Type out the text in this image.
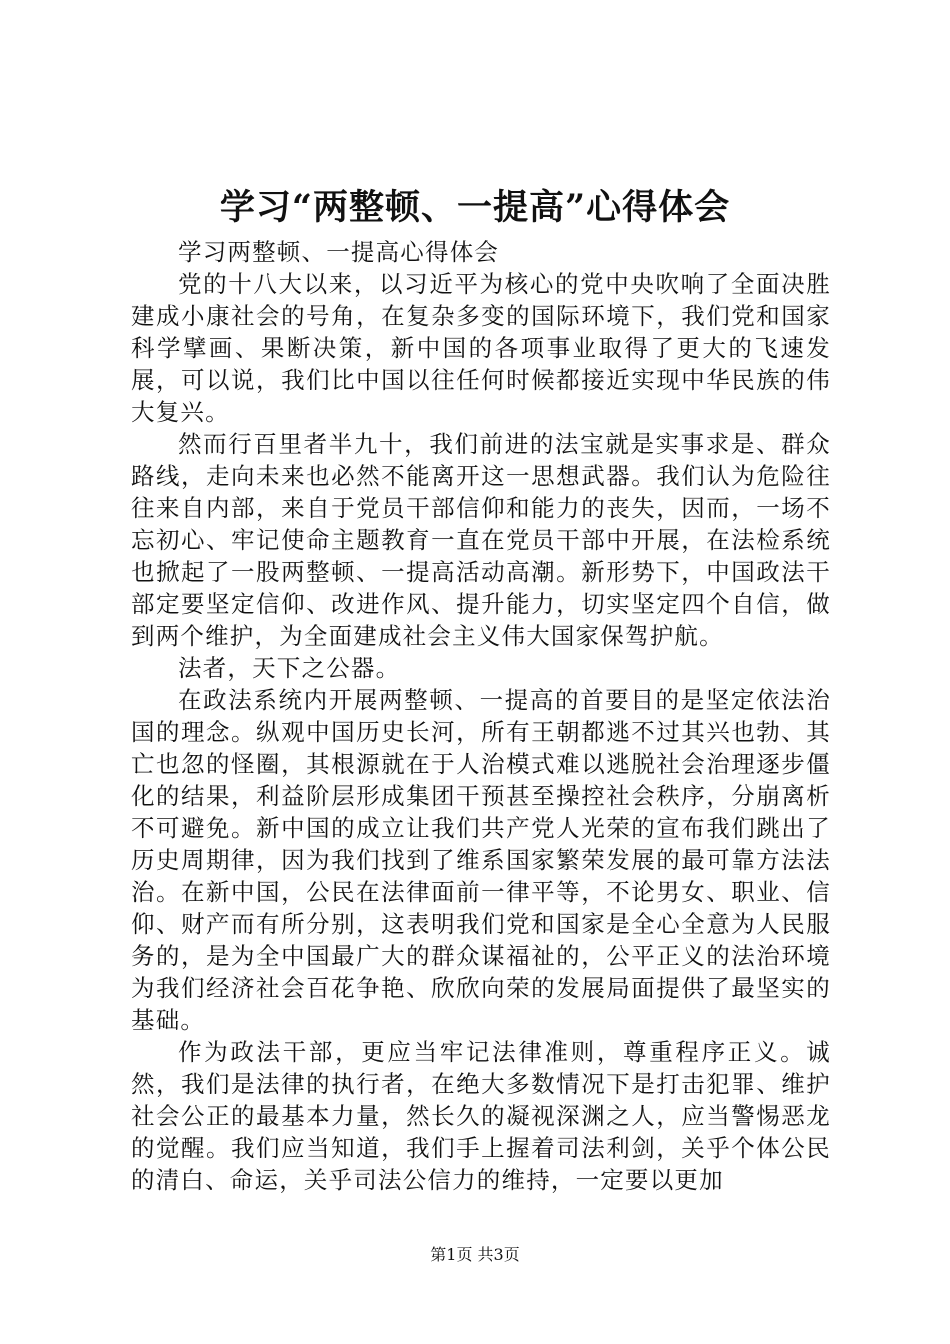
学习“两整顿、一提高”心得体会

学习两整顿、一提高心得体会

党的十八大以来，以习近平为核心的党中央吹响了全面决胜建成小康社会的号角，在复杂多变的国际环境下，我们党和国家科学擘画、果断决策，新中国的各项事业取得了更大的飞速发展，可以说，我们比中国以往任何时候都接近实现中华民族的伟大复兴。

然而行百里者半九十，我们前进的法宝就是实事求是、群众路线，走向未来也必然不能离开这一思想武器。我们认为危险往往来自内部，来自于党员干部信仰和能力的丧失，因而，一场不忘初心、牢记使命主题教育一直在党员干部中开展，在法检系统也掀起了一股两整顿、一提高活动高潮。新形势下，中国政法干部定要坚定信仰、改进作风、提升能力，切实坚定四个自信，做到两个维护，为全面建成社会主义伟大国家保驾护航。

法者，天下之公器。

在政法系统内开展两整顿、一提高的首要目的是坚定依法治国的理念。纵观中国历史长河，所有王朝都逃不过其兴也勃、其亡也忽的怪圈，其根源就在于人治模式难以逃脱社会治理逐步僵化的结果，利益阶层形成集团干预甚至操控社会秩序，分崩离析不可避免。新中国的成立让我们共产党人光荣的宣布我们跳出了历史周期律，因为我们找到了维系国家繁荣发展的最可靠方法法治。在新中国，公民在法律面前一律平等，不论男女、职业、信仰、财产而有所分别，这表明我们党和国家是全心全意为人民服务的，是为全中国最广大的群众谋福祉的，公平正义的法治环境为我们经济社会百花争艳、欣欣向荣的发展局面提供了最坚实的基础。

作为政法干部，更应当牢记法律准则，尊重程序正义。诚然，我们是法律的执行者，在绝大多数情况下是打击犯罪、维护社会公正的最基本力量，然长久的凝视深渊之人，应当警惕恶龙的觉醒。我们应当知道，我们手上握着司法利剑，关乎个体公民的清白、命运，关乎司法公信力的维持，一定要以更加

第1页 共3页
